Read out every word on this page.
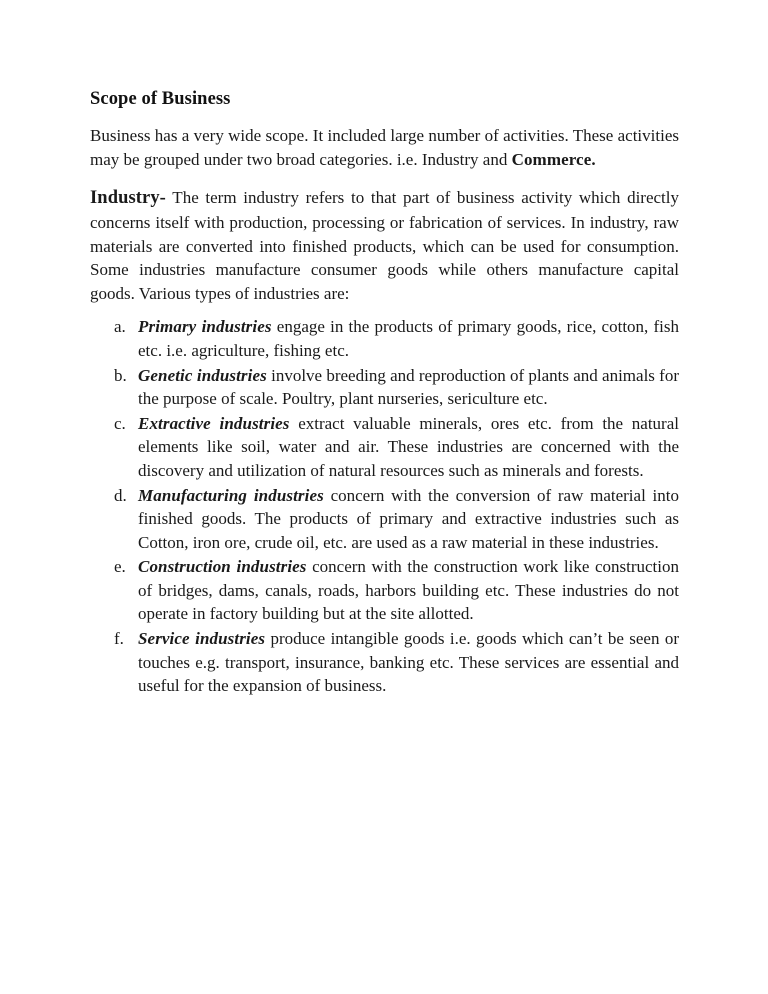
Scope of Business

Business has a very wide scope. It included large number of activities. These activities may be grouped under two broad categories. i.e. Industry and Commerce.

Industry- The term industry refers to that part of business activity which directly concerns itself with production, processing or fabrication of services. In industry, raw materials are converted into finished products, which can be used for consumption. Some industries manufacture consumer goods while others manufacture capital goods. Various types of industries are:

a. Primary industries engage in the products of primary goods, rice, cotton, fish etc. i.e. agriculture, fishing etc.
b. Genetic industries involve breeding and reproduction of plants and animals for the purpose of scale. Poultry, plant nurseries, sericulture etc.
c. Extractive industries extract valuable minerals, ores etc. from the natural elements like soil, water and air. These industries are concerned with the discovery and utilization of natural resources such as minerals and forests.
d. Manufacturing industries concern with the conversion of raw material into finished goods. The products of primary and extractive industries such as Cotton, iron ore, crude oil, etc. are used as a raw material in these industries.
e. Construction industries concern with the construction work like construction of bridges, dams, canals, roads, harbors building etc. These industries do not operate in factory building but at the site allotted.
f. Service industries produce intangible goods i.e. goods which can’t be seen or touches e.g. transport, insurance, banking etc. These services are essential and useful for the expansion of business.
